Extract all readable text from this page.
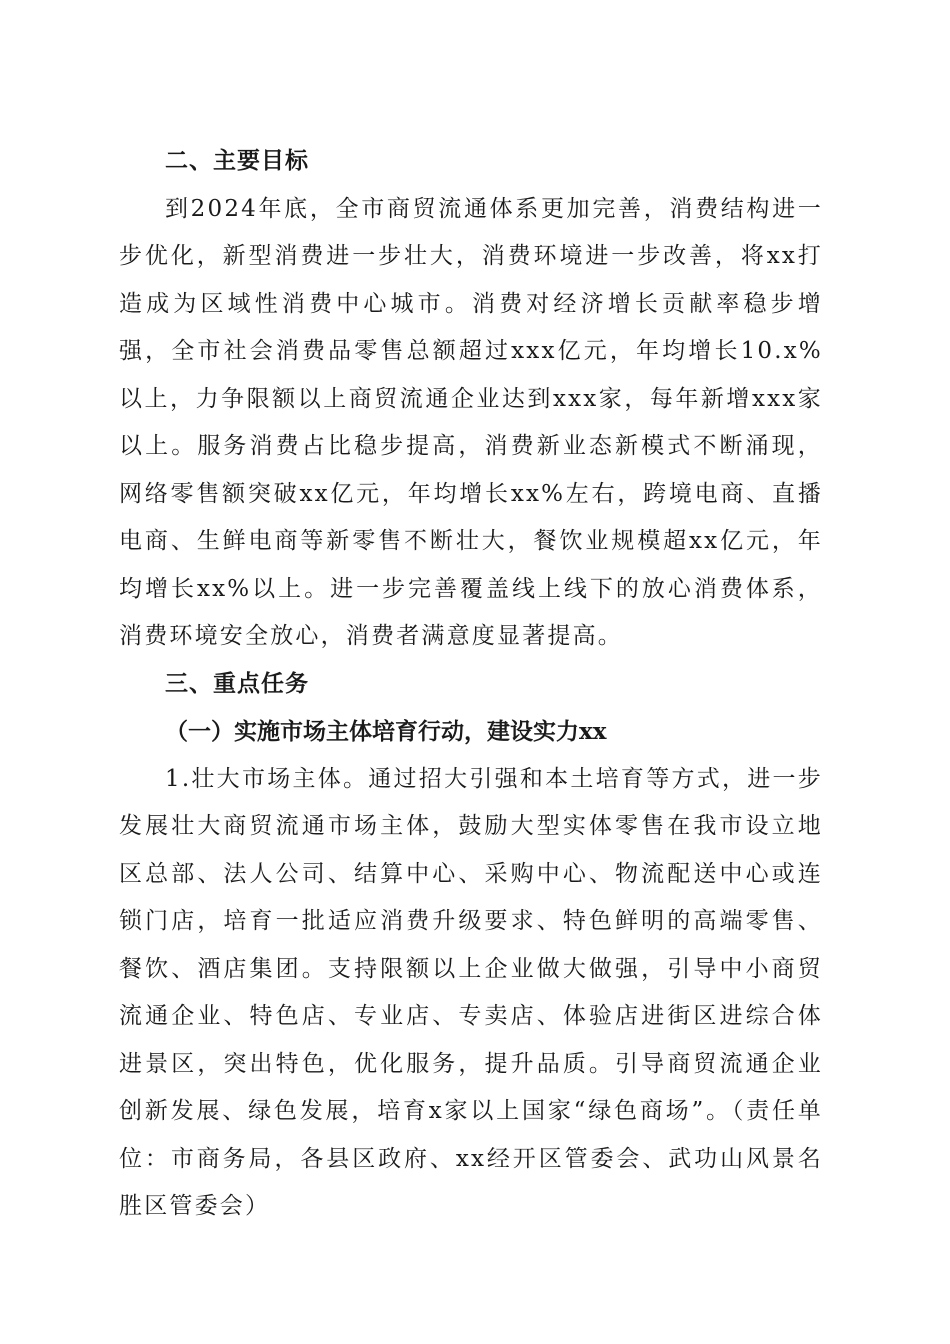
二、主要目标

到2024年底，全市商贸流通体系更加完善，消费结构进一步优化，新型消费进一步壮大，消费环境进一步改善，将xx打造成为区域性消费中心城市。消费对经济增长贡献率稳步增强，全市社会消费品零售总额超过xxx亿元，年均增长10.x%以上，力争限额以上商贸流通企业达到xxx家，每年新增xxx家以上。服务消费占比稳步提高，消费新业态新模式不断涌现，网络零售额突破xx亿元，年均增长xx%左右，跨境电商、直播电商、生鲜电商等新零售不断壮大，餐饮业规模超xx亿元，年均增长xx%以上。进一步完善覆盖线上线下的放心消费体系，消费环境安全放心，消费者满意度显著提高。

三、重点任务
（一）实施市场主体培育行动，建设实力xx

1.壮大市场主体。通过招大引强和本土培育等方式，进一步发展壮大商贸流通市场主体，鼓励大型实体零售在我市设立地区总部、法人公司、结算中心、采购中心、物流配送中心或连锁门店，培育一批适应消费升级要求、特色鲜明的高端零售、餐饮、酒店集团。支持限额以上企业做大做强，引导中小商贸流通企业、特色店、专业店、专卖店、体验店进街区进综合体进景区，突出特色，优化服务，提升品质。引导商贸流通企业创新发展、绿色发展，培育x家以上国家“绿色商场”。（责任单位：市商务局，各县区政府、xx经开区管委会、武功山风景名胜区管委会）
